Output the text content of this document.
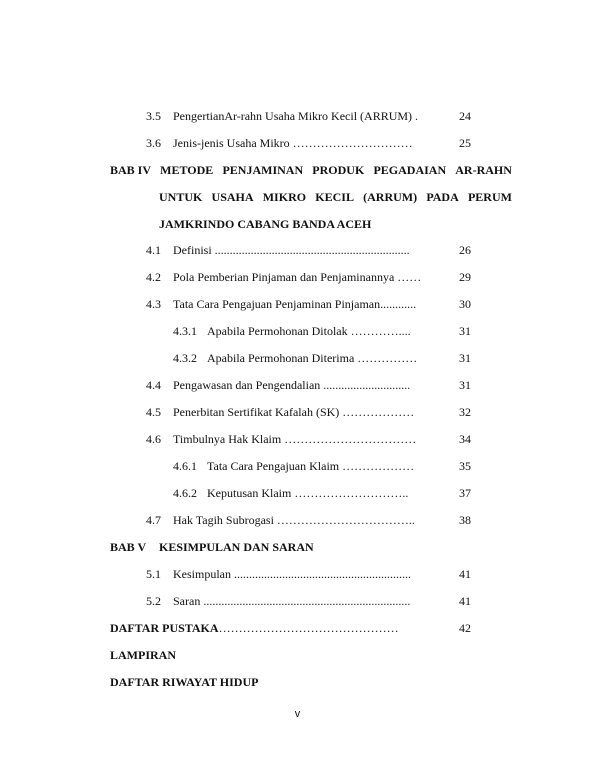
3.5 PengertianAr-rahn Usaha Mikro Kecil (ARRUM) .	24
3.6 Jenis-jenis Usaha Mikro …………………………	25
BAB IV METODE PENJAMINAN PRODUK PEGADAIAN AR-RAHN
UNTUK USAHA MIKRO KECIL (ARRUM) PADA PERUM
JAMKRINDO CABANG BANDA ACEH
4.1 Definisi .................................................................	26
4.2 Pola Pemberian Pinjaman dan Penjaminannya ……	29
4.3 Tata Cara Pengajuan Penjaminan Pinjaman............	30
4.3.1 Apabila Permohonan Ditolak …………....	31
4.3.2 Apabila Permohonan Diterima ……………	31
4.4 Pengawasan dan Pengendalian .............................	31
4.5 Penerbitan Sertifikat Kafalah (SK) ………………	32
4.6 Timbulnya Hak Klaim ……………………………	34
4.6.1 Tata Cara Pengajuan Klaim ………………	35
4.6.2 Keputusan Klaim ………………………..	37
4.7 Hak Tagih Subrogasi ……………………………..	38
BAB V KESIMPULAN DAN SARAN
5.1 Kesimpulan ...........................................................	41
5.2 Saran .....................................................................	41
DAFTAR PUSTAKA………………………………………	42
LAMPIRAN
DAFTAR RIWAYAT HIDUP
v
